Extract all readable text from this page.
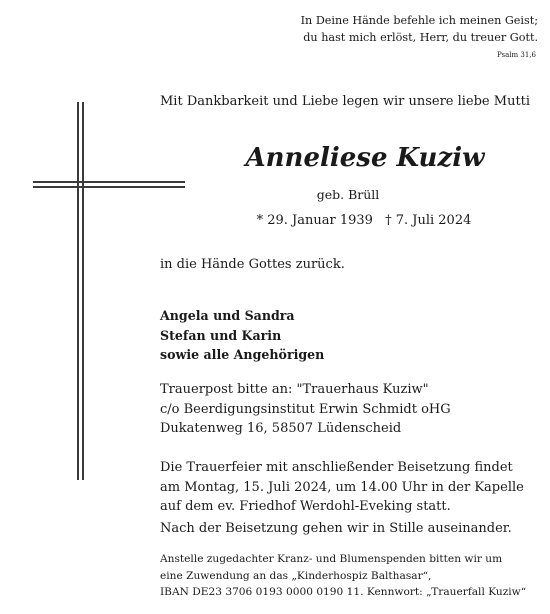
In Deine Hände befehle ich meinen Geist;
du hast mich erlöst, Herr, du treuer Gott.
Psalm 31,6
Mit Dankbarkeit und Liebe legen wir unsere liebe Mutti
Anneliese Kuziw
geb. Brüll
* 29. Januar 1939 † 7. Juli 2024
in die Hände Gottes zurück.
Angela und Sandra
Stefan und Karin
sowie alle Angehörigen
Trauerpost bitte an: "Trauerhaus Kuziw"
c/o Beerdigungsinstitut Erwin Schmidt oHG
Dukatenweg 16, 58507 Lüdenscheid
Die Trauerfeier mit anschließender Beisetzung findet
am Montag, 15. Juli 2024, um 14.00 Uhr in der Kapelle
auf dem ev. Friedhof Werdohl-Eveking statt.
Nach der Beisetzung gehen wir in Stille auseinander.
Anstelle zugedachter Kranz- und Blumenspenden bitten wir um
eine Zuwendung an das „Kinderhospiz Balthasar“,
IBAN DE23 3706 0193 0000 0190 11. Kennwort: „Trauerfall Kuziw“
